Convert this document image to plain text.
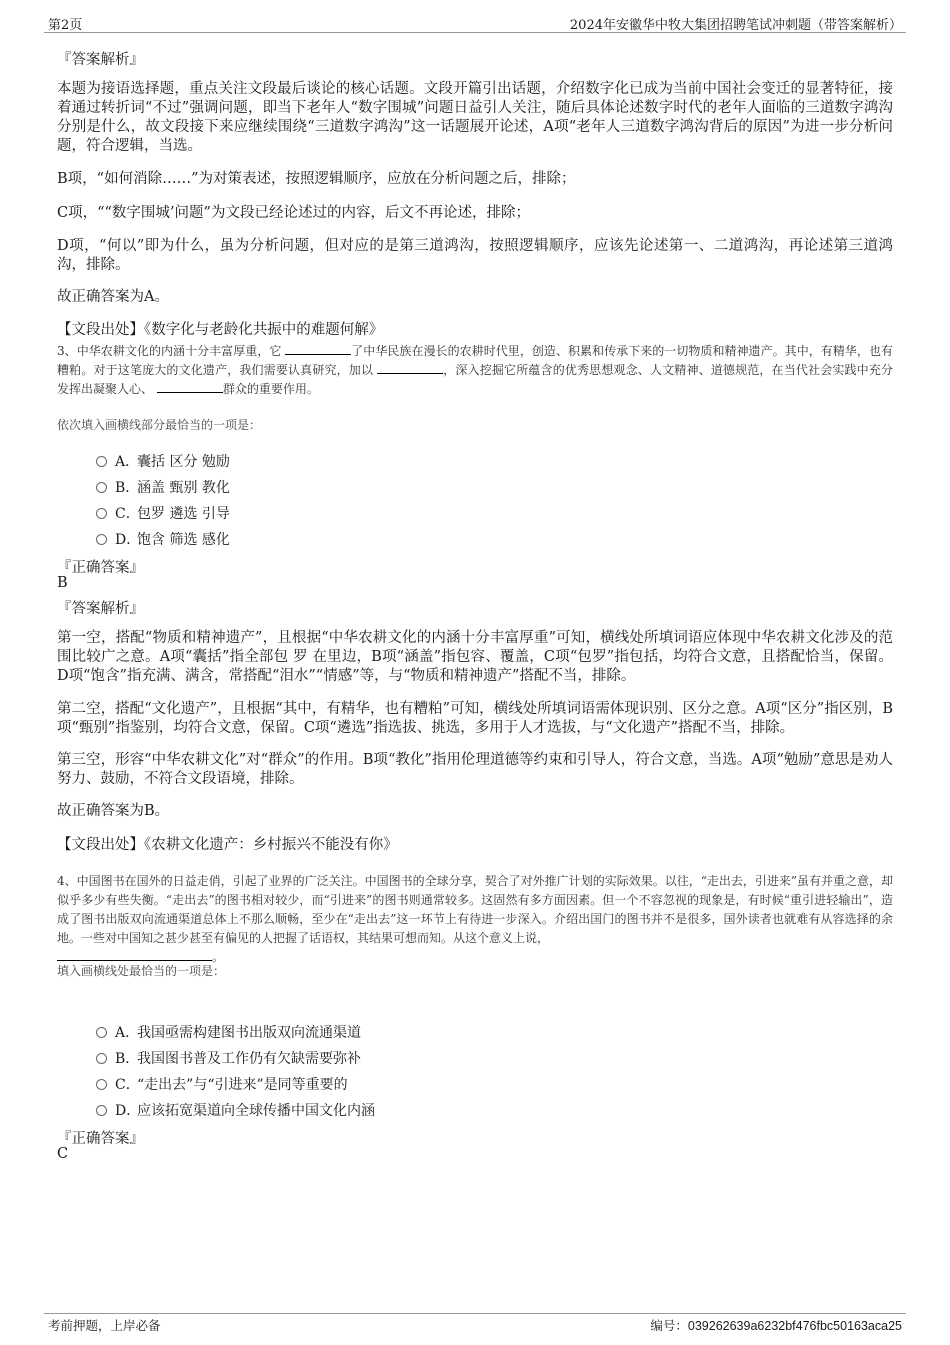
第2页	2024年安徽华中牧大集团招聘笔试冲刺题（带答案解析）
『答案解析』
本题为接语选择题，重点关注文段最后谈论的核心话题。文段开篇引出话题，介绍数字化已成为当前中国社会变迁的显著特征，接着通过转折词“不过”强调问题，即当下老年人“数字围城”问题日益引人关注，随后具体论述数字时代的老年人面临的三道数字鸿沟分别是什么，故文段接下来应继续围绕“三道数字鸿沟”这一话题展开论述，A项“老年人三道数字鸿沟背后的原因”为进一步分析问题，符合逻辑，当选。
B项，“如何消除……”为对策表述，按照逻辑顺序，应放在分析问题之后，排除；
C项，““数字围城’问题”为文段已经论述过的内容，后文不再论述，排除；
D项，“何以”即为什么，虽为分析问题，但对应的是第三道鸿沟，按照逻辑顺序，应该先论述第一、二道鸿沟，再论述第三道鸿沟，排除。
故正确答案为A。
【文段出处】《数字化与老龄化共振中的难题何解》
3、中华农耕文化的内涵十分丰富厚重，它	了中华民族在漫长的农耕时代里，创造、积累和传承下来的一切物质和精神遗产。其中，有精华，也有糟粕。对于这笔庞大的文化遗产，我们需要认真研究，加以	，深入挖掘它所蕴含的优秀思想观念、人文精神、道德规范，在当代社会实践中充分发挥出凝聚人心、	群众的重要作用。
依次填入画横线部分最恰当的一项是：
A．囊括 区分 勉励
B．涵盖 甄别 教化
C．包罗 遴选 引导
D．饱含 筛选 感化
『正确答案』
B
『答案解析』
第一空，搭配“物质和精神遗产”，且根据“中华农耕文化的内涵十分丰富厚重”可知，横线处所填词语应体现中华农耕文化涉及的范围比较广之意。A项“囊括”指全部包 罗 在里边，B项“涵盖”指包容、覆盖，C项“包罗”指包括，均符合文意，且搭配恰当，保留。D项“饱含”指充满、满含，常搭配“泪水”“情感”等，与“物质和精神遗产”搭配不当，排除。
第二空，搭配“文化遗产”，且根据“其中，有精华，也有糟粕”可知，横线处所填词语需体现识别、区分之意。A项“区分”指区别，B项“甄别”指鉴别，均符合文意，保留。C项“遴选”指选拔、挑选，多用于人才选拔，与“文化遗产”搭配不当，排除。
第三空，形容“中华农耕文化”对“群众”的作用。B项“教化”指用伦理道德等约束和引导人，符合文意，当选。A项“勉励”意思是劝人努力、鼓励，不符合文段语境，排除。
故正确答案为B。
【文段出处】《农耕文化遗产：乡村振兴不能没有你》
4、中国图书在国外的日益走俏，引起了业界的广泛关注。中国图书的全球分享，契合了对外推广计划的实际效果。以往，“走出去，引进来”虽有并重之意，却似乎多少有些失衡。“走出去”的图书相对较少，而“引进来”的图书则通常较多。这固然有多方面因素。但一个不容忽视的现象是，有时候“重引进轻输出”，造成了图书出版双向流通渠道总体上不那么顺畅，至少在“走出去”这一环节上有待进一步深入。介绍出国门的图书并不是很多，国外读者也就难有从容选择的余地。一些对中国知之甚少甚至有偏见的人把握了话语权，其结果可想而知。从这个意义上说，
。
填入画横线处最恰当的一项是：
A．我国亟需构建图书出版双向流通渠道
B．我国图书普及工作仍有欠缺需要弥补
C．“走出去”与“引进来”是同等重要的
D．应该拓宽渠道向全球传播中国文化内涵
『正确答案』
C
考前押题，上岸必备	编号：039262639a6232bf476fbc50163aca25
